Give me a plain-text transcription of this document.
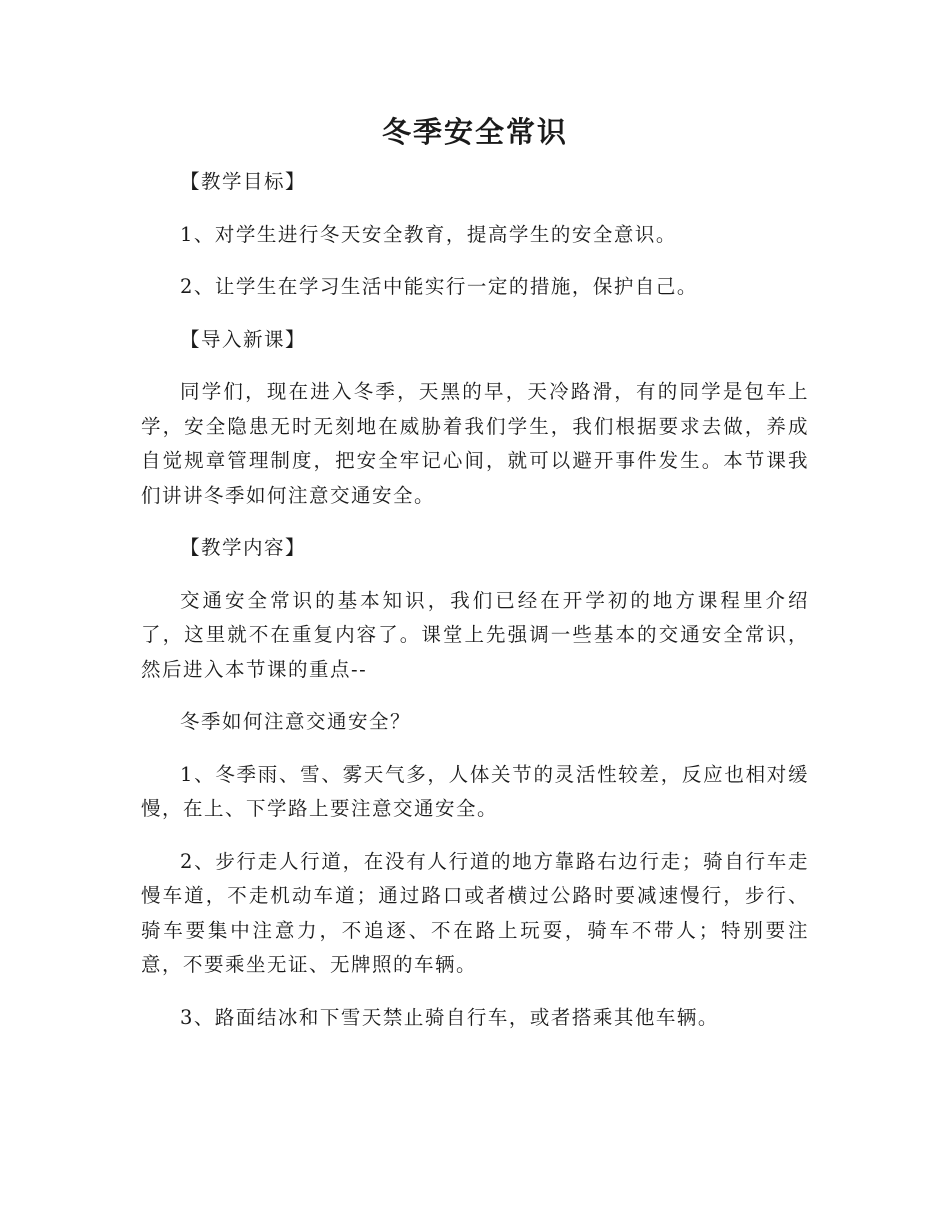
冬季安全常识

【教学目标】

1、对学生进行冬天安全教育，提高学生的安全意识。

2、让学生在学习生活中能实行一定的措施，保护自己。

【导入新课】

同学们，现在进入冬季，天黑的早，天冷路滑，有的同学是包车上学，安全隐患无时无刻地在威胁着我们学生，我们根据要求去做，养成自觉规章管理制度，把安全牢记心间，就可以避开事件发生。本节课我们讲讲冬季如何注意交通安全。

【教学内容】

交通安全常识的基本知识，我们已经在开学初的地方课程里介绍了，这里就不在重复内容了。课堂上先强调一些基本的交通安全常识，然后进入本节课的重点--

冬季如何注意交通安全？

1、冬季雨、雪、雾天气多，人体关节的灵活性较差，反应也相对缓慢，在上、下学路上要注意交通安全。

2、步行走人行道，在没有人行道的地方靠路右边行走；骑自行车走慢车道，不走机动车道；通过路口或者横过公路时要减速慢行，步行、骑车要集中注意力，不追逐、不在路上玩耍，骑车不带人；特别要注意，不要乘坐无证、无牌照的车辆。

3、路面结冰和下雪天禁止骑自行车，或者搭乘其他车辆。
